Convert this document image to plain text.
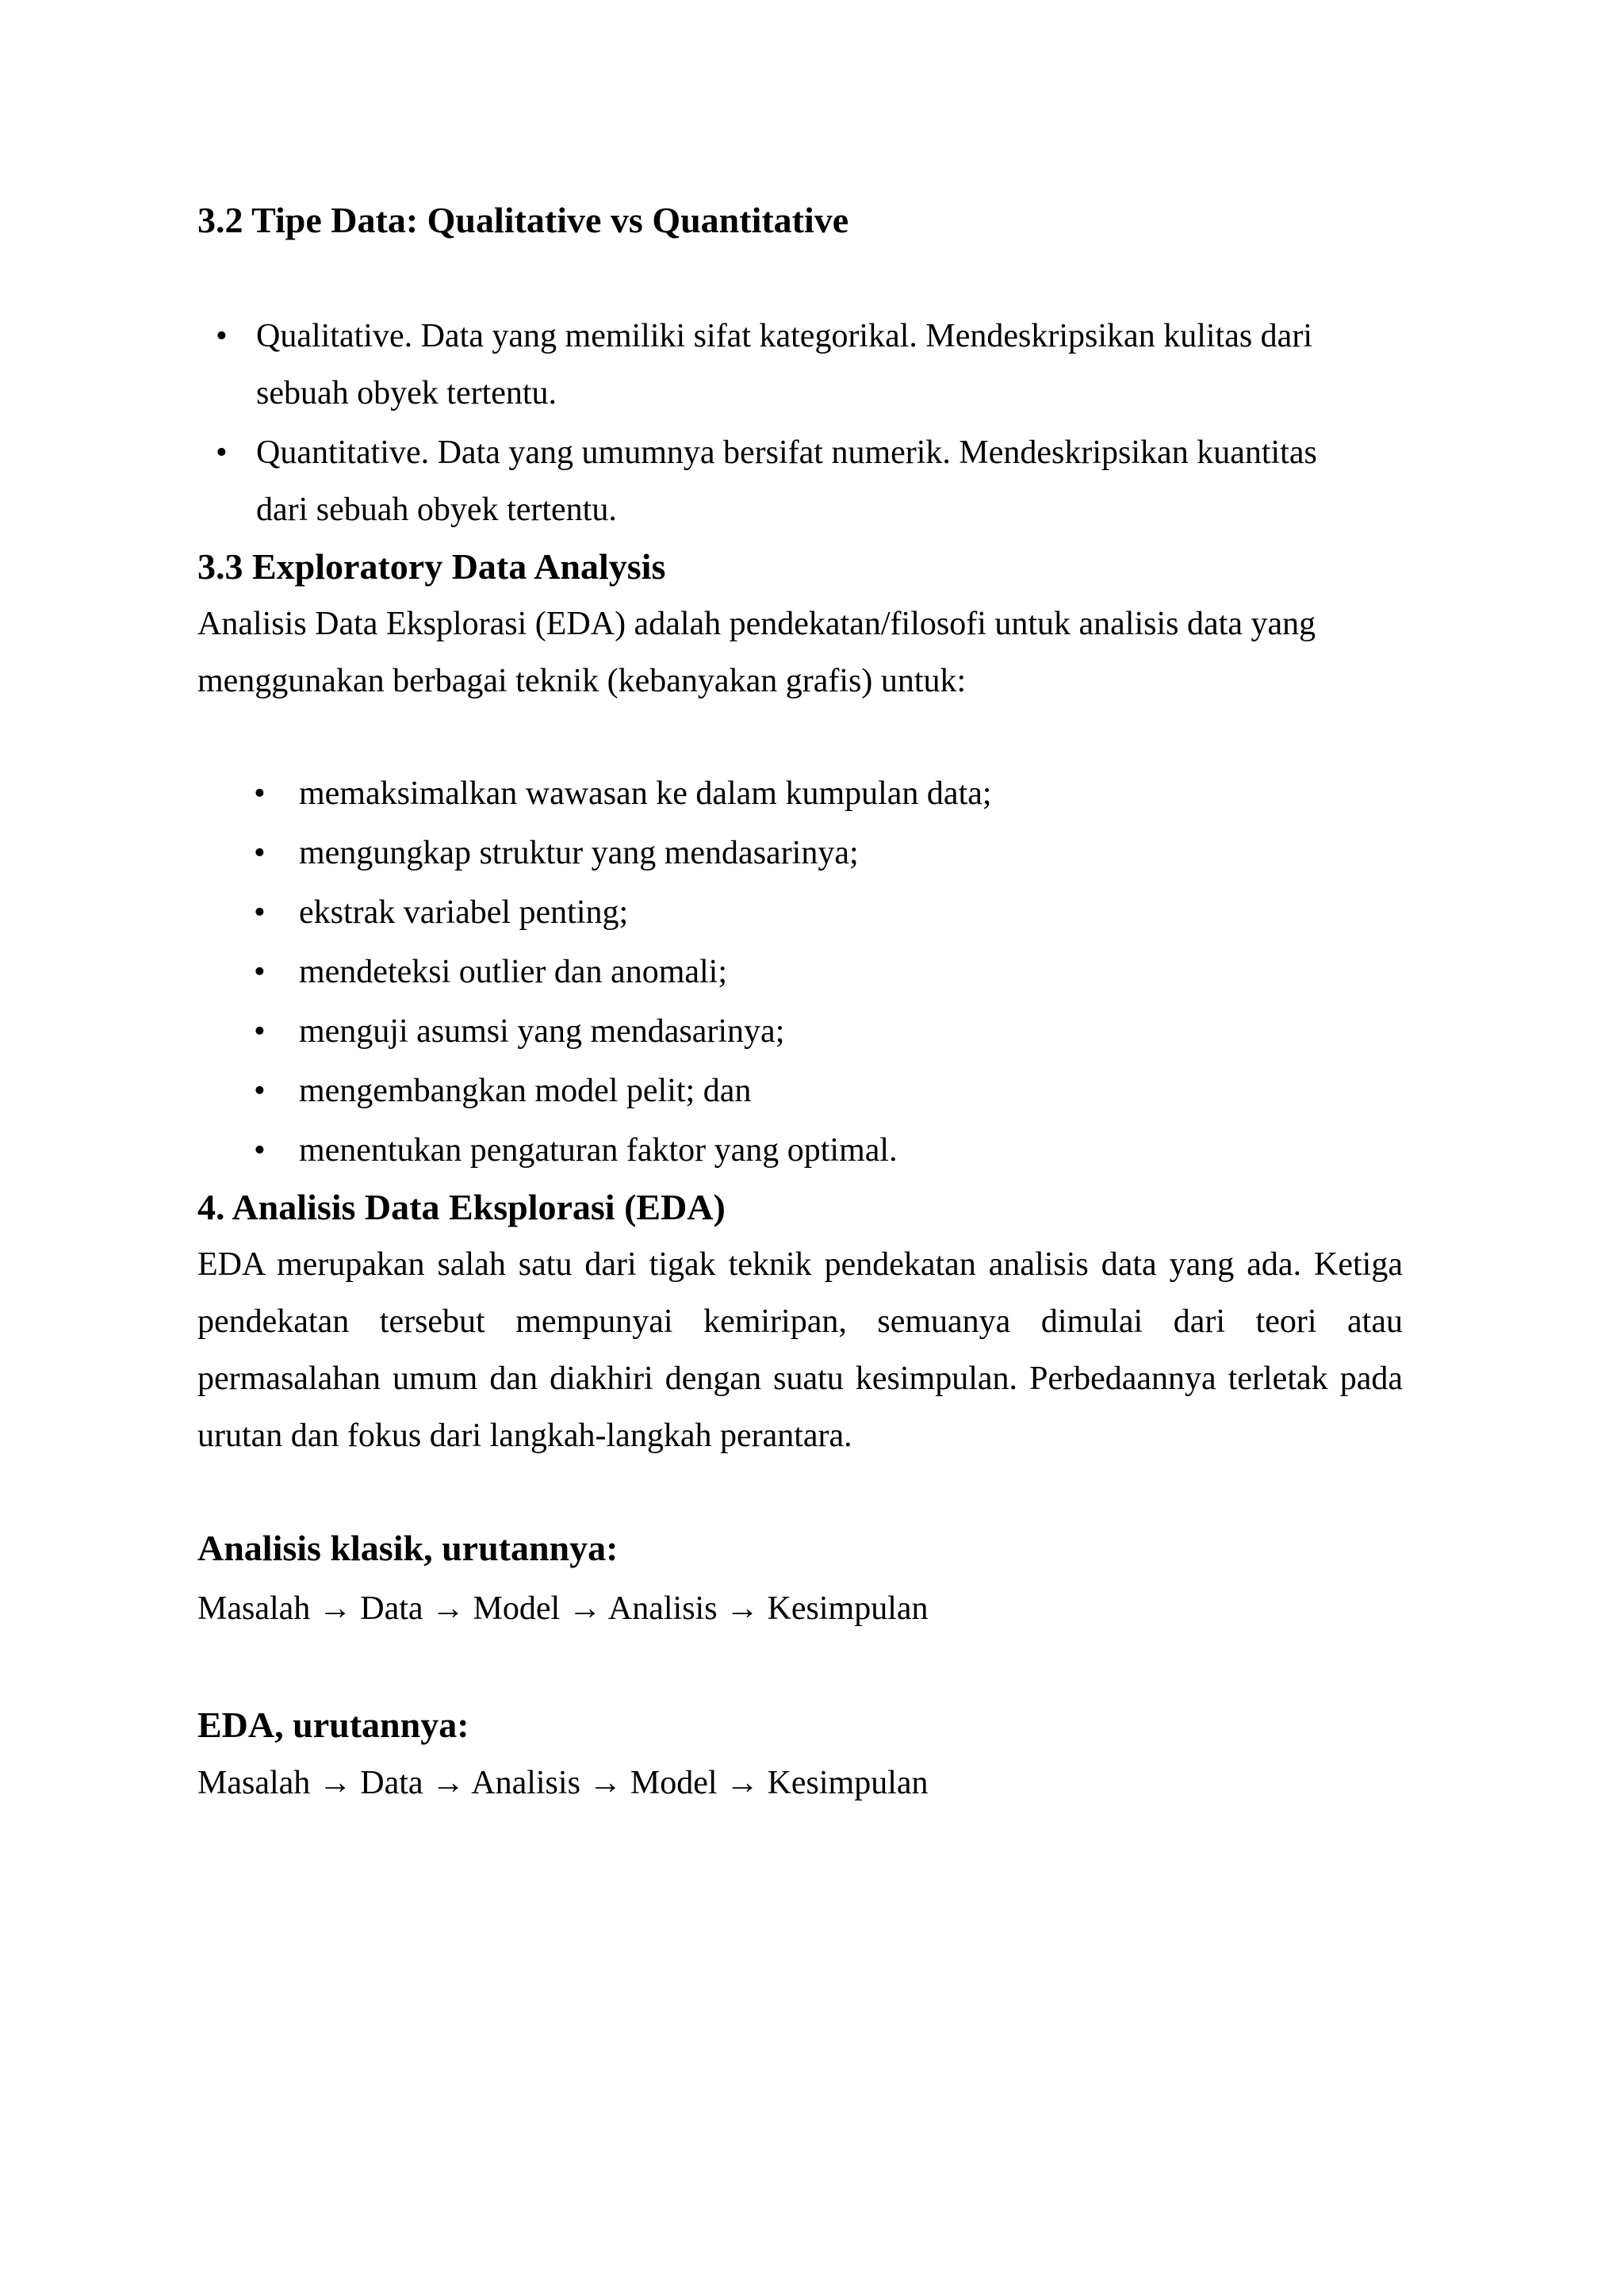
3.2 Tipe Data: Qualitative vs Quantitative
• Qualitative. Data yang memiliki sifat kategorikal. Mendeskripsikan kulitas dari sebuah obyek tertentu.
• Quantitative. Data yang umumnya bersifat numerik. Mendeskripsikan kuantitas dari sebuah obyek tertentu.
3.3 Exploratory Data Analysis

Analisis Data Eksplorasi (EDA) adalah pendekatan/filosofi untuk analisis data yang menggunakan berbagai teknik (kebanyakan grafis) untuk:

•	memaksimalkan wawasan ke dalam kumpulan data;
•	mengungkap struktur yang mendasarinya;
•	ekstrak variabel penting;
•	mendeteksi outlier dan anomali;
•	menguji asumsi yang mendasarinya;
•	mengembangkan model pelit; dan
•	menentukan pengaturan faktor yang optimal.
4. Analisis Data Eksplorasi (EDA)

EDA merupakan salah satu dari tigak teknik pendekatan analisis data yang ada. Ketiga pendekatan tersebut mempunyai kemiripan, semuanya dimulai dari teori atau permasalahan umum dan diakhiri dengan suatu kesimpulan. Perbedaannya terletak pada urutan dan fokus dari langkah-langkah perantara.

Analisis klasik, urutannya:

Masalah → Data → Model → Analisis → Kesimpulan

EDA, urutannya:

Masalah → Data → Analisis → Model → Kesimpulan
